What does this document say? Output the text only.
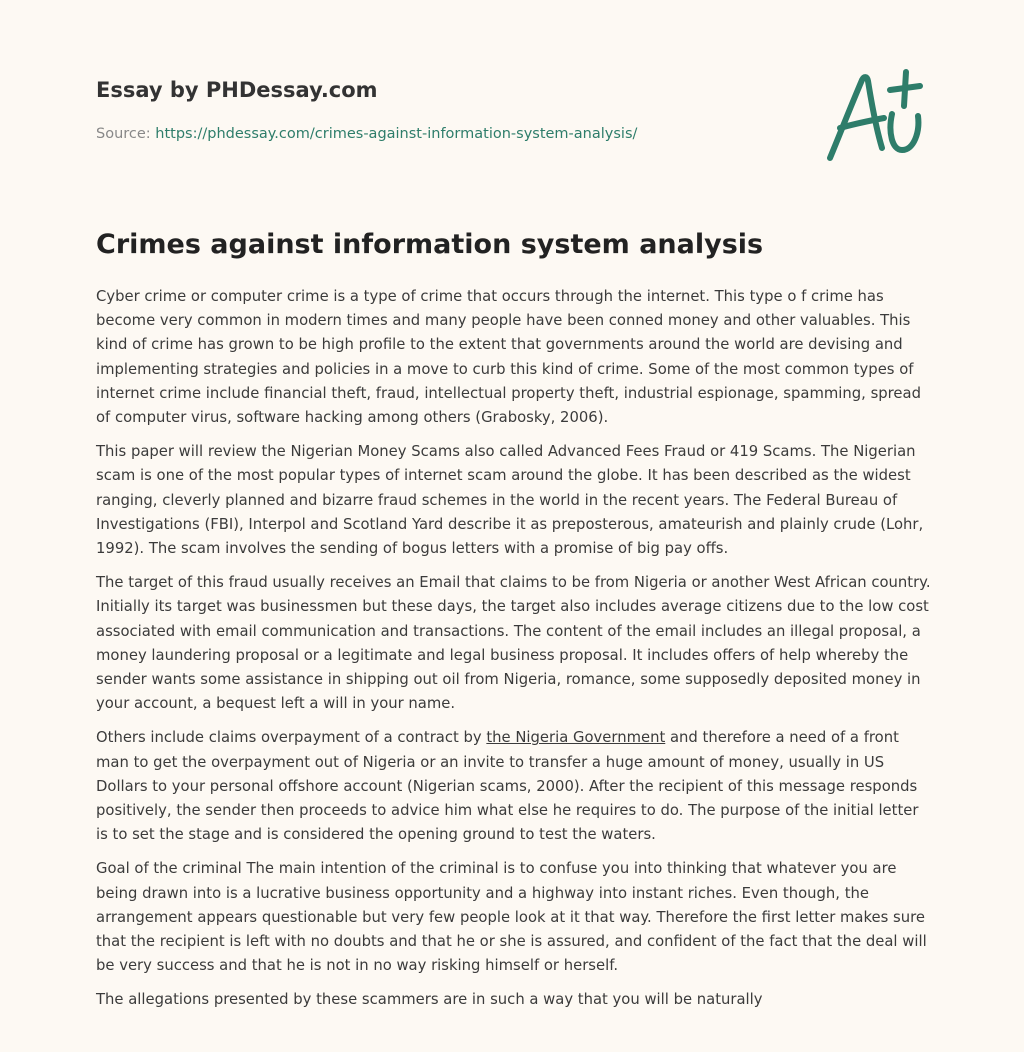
Essay by PHDessay.com
Source: https://phdessay.com/crimes-against-information-system-analysis/
Crimes against information system analysis

Cyber crime or computer crime is a type of crime that occurs through the internet. This type o f crime has become very common in modern times and many people have been conned money and other valuables. This kind of crime has grown to be high profile to the extent that governments around the world are devising and implementing strategies and policies in a move to curb this kind of crime. Some of the most common types of internet crime include financial theft, fraud, intellectual property theft, industrial espionage, spamming, spread of computer virus, software hacking among others (Grabosky, 2006).

This paper will review the Nigerian Money Scams also called Advanced Fees Fraud or 419 Scams. The Nigerian scam is one of the most popular types of internet scam around the globe. It has been described as the widest ranging, cleverly planned and bizarre fraud schemes in the world in the recent years. The Federal Bureau of Investigations (FBI), Interpol and Scotland Yard describe it as preposterous, amateurish and plainly crude (Lohr, 1992). The scam involves the sending of bogus letters with a promise of big pay offs.

The target of this fraud usually receives an Email that claims to be from Nigeria or another West African country. Initially its target was businessmen but these days, the target also includes average citizens due to the low cost associated with email communication and transactions. The content of the email includes an illegal proposal, a money laundering proposal or a legitimate and legal business proposal. It includes offers of help whereby the sender wants some assistance in shipping out oil from Nigeria, romance, some supposedly deposited money in your account, a bequest left a will in your name.

Others include claims overpayment of a contract by the Nigeria Government and therefore a need of a front man to get the overpayment out of Nigeria or an invite to transfer a huge amount of money, usually in US Dollars to your personal offshore account (Nigerian scams, 2000). After the recipient of this message responds positively, the sender then proceeds to advice him what else he requires to do. The purpose of the initial letter is to set the stage and is considered the opening ground to test the waters.

Goal of the criminal The main intention of the criminal is to confuse you into thinking that whatever you are being drawn into is a lucrative business opportunity and a highway into instant riches. Even though, the arrangement appears questionable but very few people look at it that way. Therefore the first letter makes sure that the recipient is left with no doubts and that he or she is assured, and confident of the fact that the deal will be very success and that he is not in no way risking himself or herself.

The allegations presented by these scammers are in such a way that you will be naturally
